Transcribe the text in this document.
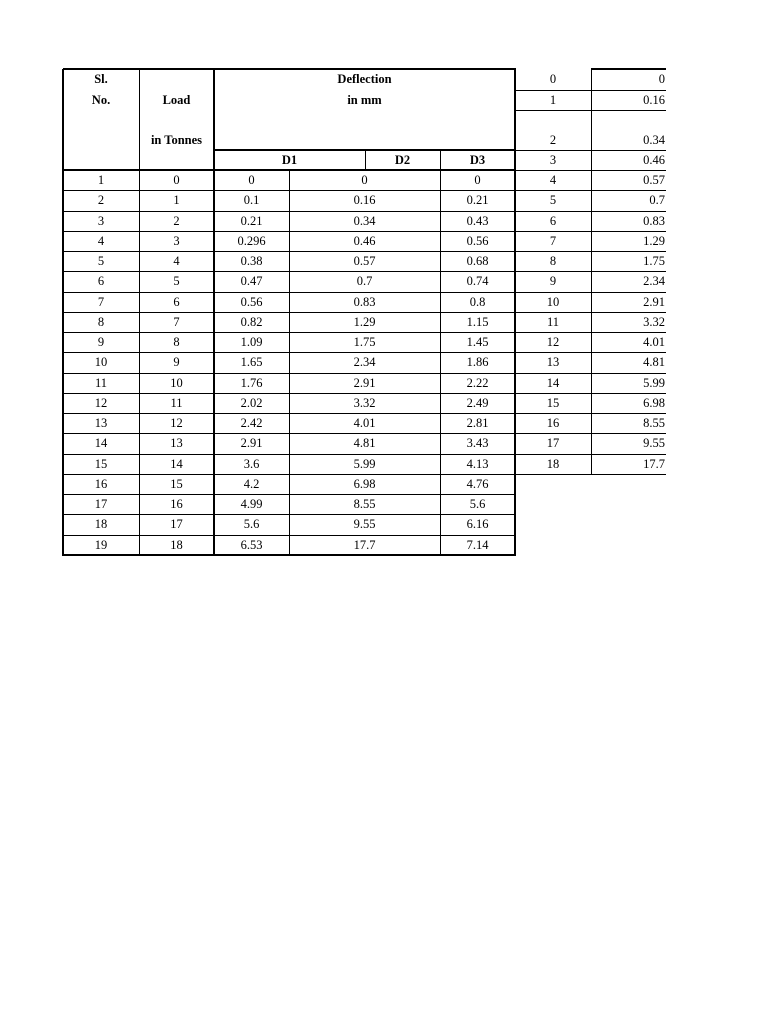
Sl.
No.	Load
in Tonnes
Deflection
in mm
D1	D2	D3
1	0	0	0	0
2	1	0.1	0.16	0.21
3	2	0.21	0.34	0.43
4	3	0.296	0.46	0.56
5	4	0.38	0.57	0.68
6	5	0.47	0.7	0.74
7	6	0.56	0.83	0.8
8	7	0.82	1.29	1.15
9	8	1.09	1.75	1.45
10	9	1.65	2.34	1.86
11	10	1.76	2.91	2.22
12	11	2.02	3.32	2.49
13	12	2.42	4.01	2.81
14	13	2.91	4.81	3.43
15	14	3.6	5.99	4.13
16	15	4.2	6.98	4.76
17	16	4.99	8.55	5.6
18	17	5.6	9.55	6.16
19	18	6.53	17.7	7.14
0	0
1	0.16
2	0.34
3	0.46
4	0.57
5	0.7
6	0.83
7	1.29
8	1.75
9	2.34
10	2.91
11	3.32
12	4.01
13	4.81
14	5.99
15	6.98
16	8.55
17	9.55
18	17.7
